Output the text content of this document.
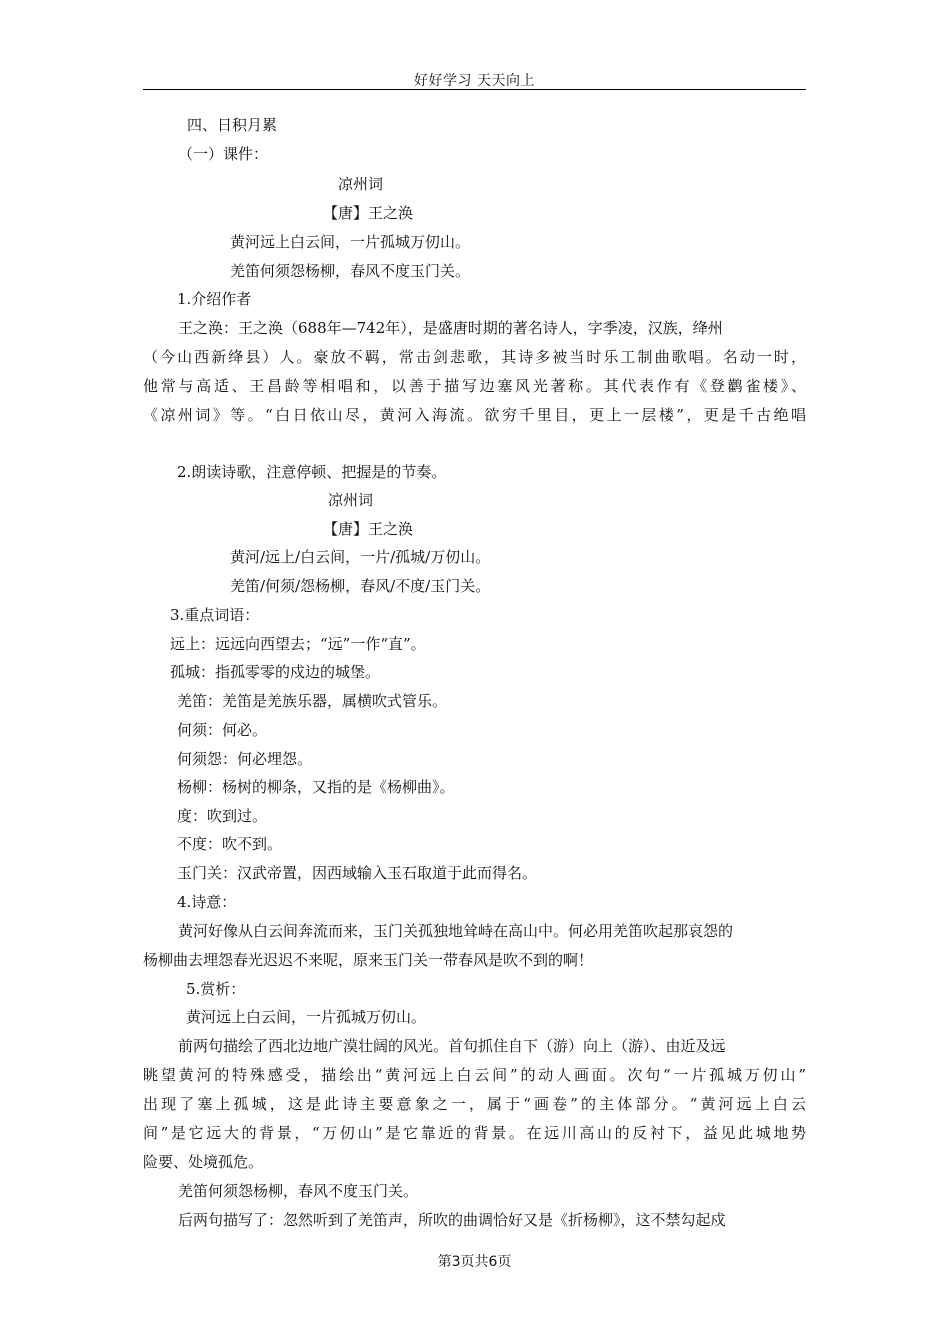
好好学习 天天向上
四、日积月累
（一）课件：
凉州词
【唐】王之涣
黄河远上白云间，一片孤城万仞山。
羌笛何须怨杨柳，春风不度玉门关。
1.介绍作者
王之涣：王之涣（688年—742年），是盛唐时期的著名诗人，字季凌，汉族，绛州
（今山西新绛县）人。豪放不羁，常击剑悲歌，其诗多被当时乐工制曲歌唱。名动一时，
他常与高适、王昌龄等相唱和，以善于描写边塞风光著称。其代表作有《登鹳雀楼》、
《凉州词》等。“白日依山尽，黄河入海流。欲穷千里目，更上一层楼”，更是千古绝唱
2.朗读诗歌，注意停顿、把握是的节奏。
凉州词
【唐】王之涣
黄河/远上/白云间，一片/孤城/万仞山。
羌笛/何须/怨杨柳，春风/不度/玉门关。
3.重点词语：
远上：远远向西望去；“远”一作“直”。
孤城：指孤零零的戍边的城堡。
羌笛：羌笛是羌族乐器，属横吹式管乐。
何须：何必。
何须怨：何必埋怨。
杨柳：杨树的柳条，又指的是《杨柳曲》。
度：吹到过。
不度：吹不到。
玉门关：汉武帝置，因西域输入玉石取道于此而得名。
4.诗意：
黄河好像从白云间奔流而来，玉门关孤独地耸峙在高山中。何必用羌笛吹起那哀怨的
杨柳曲去埋怨春光迟迟不来呢，原来玉门关一带春风是吹不到的啊！
5.赏析：
黄河远上白云间，一片孤城万仞山。
前两句描绘了西北边地广漠壮阔的风光。首句抓住自下（游）向上（游）、由近及远
眺望黄河的特殊感受，描绘出“黄河远上白云间”的动人画面。次句“一片孤城万仞山”
出现了塞上孤城，这是此诗主要意象之一，属于“画卷”的主体部分。“黄河远上白云
间”是它远大的背景，“万仞山”是它靠近的背景。在远川高山的反衬下，益见此城地势
险要、处境孤危。
羌笛何须怨杨柳，春风不度玉门关。
后两句描写了：忽然听到了羌笛声，所吹的曲调恰好又是《折杨柳》，这不禁勾起戍
第3页共6页
